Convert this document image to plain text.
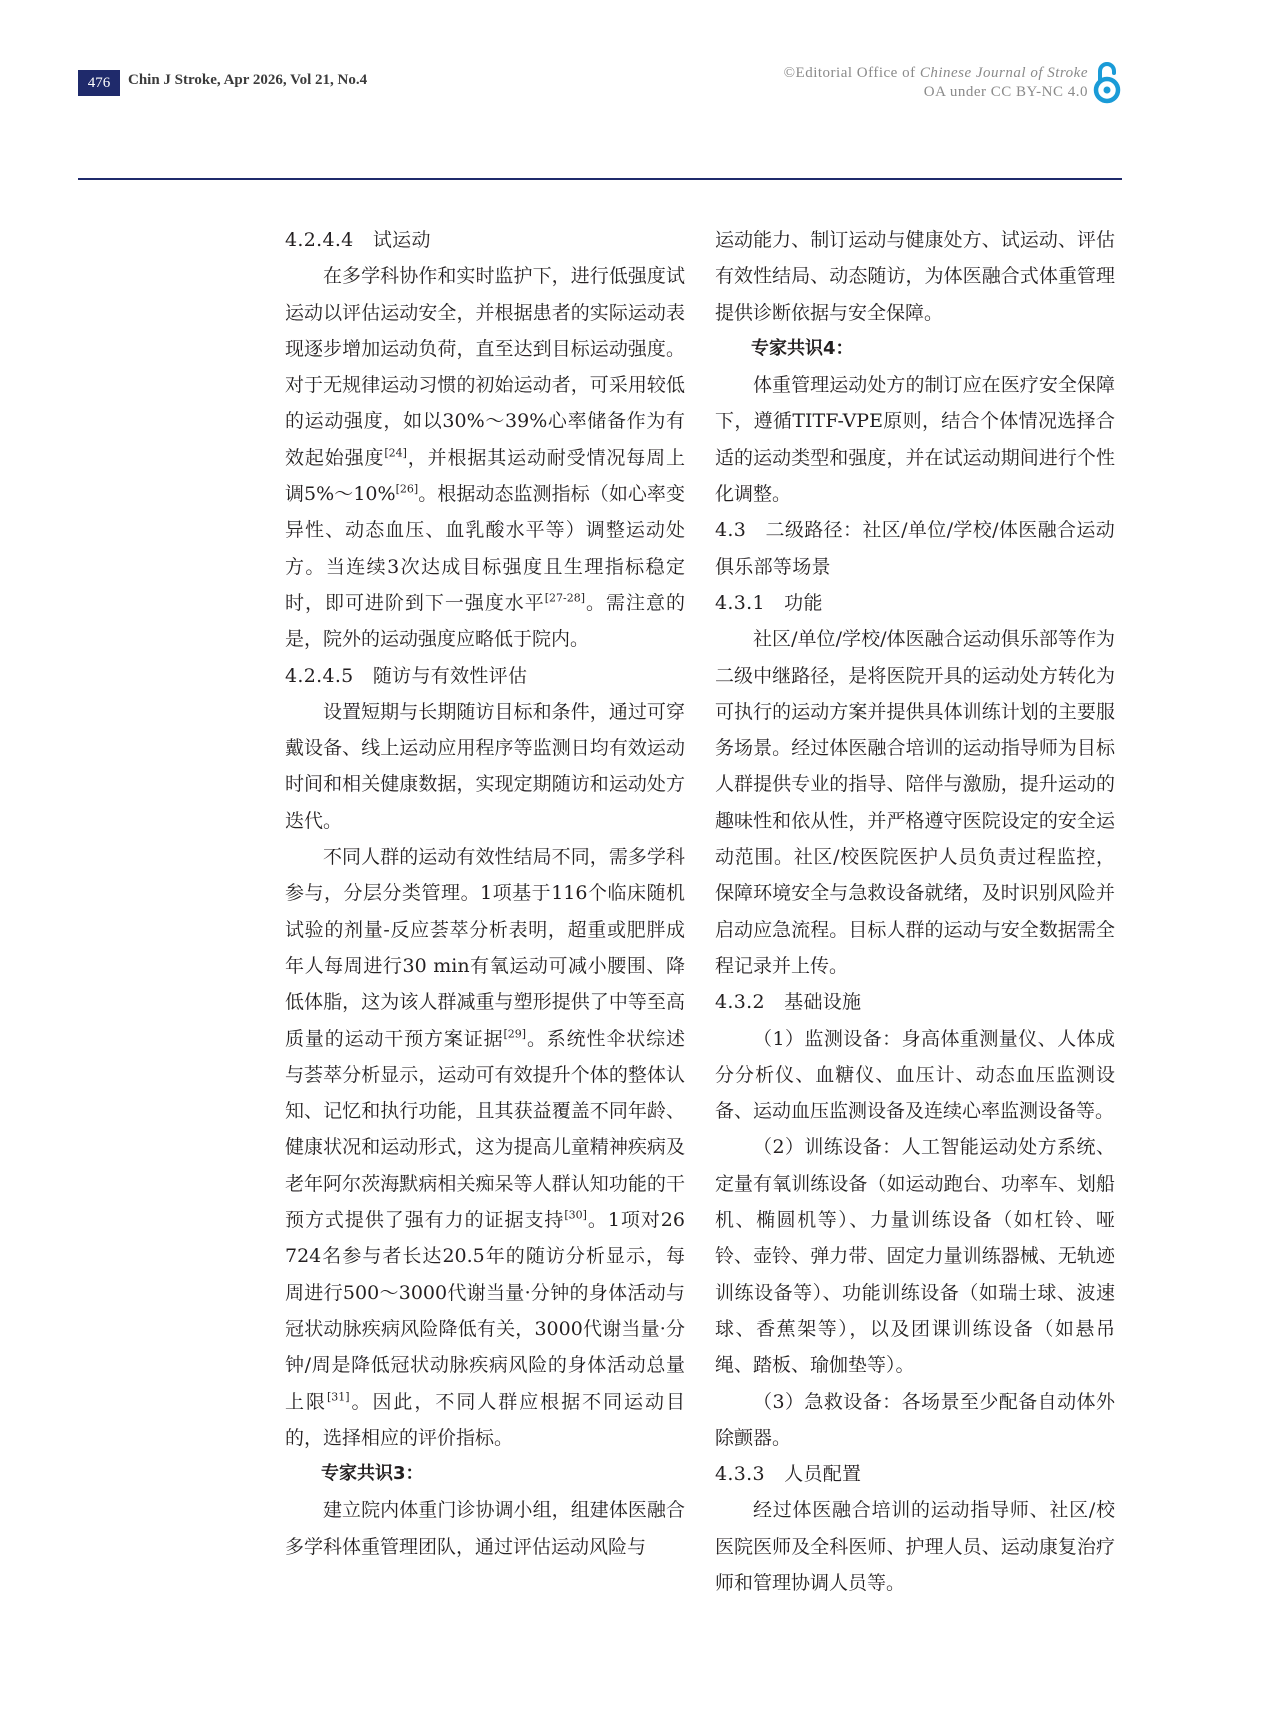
476	Chin J Stroke, Apr 2026, Vol 21, No.4	©Editorial Office of Chinese Journal of Stroke
OA under CC BY-NC 4.0

4.2.4.4　试运动

在多学科协作和实时监护下，进行低强度试运动以评估运动安全，并根据患者的实际运动表现逐步增加运动负荷，直至达到目标运动强度。对于无规律运动习惯的初始运动者，可采用较低的运动强度，如以30%～39%心率储备作为有效起始强度[24]，并根据其运动耐受情况每周上调5%～10%[26]。根据动态监测指标（如心率变异性、动态血压、血乳酸水平等）调整运动处方。当连续3次达成目标强度且生理指标稳定时，即可进阶到下一强度水平[27-28]。需注意的是，院外的运动强度应略低于院内。

4.2.4.5　随访与有效性评估

设置短期与长期随访目标和条件，通过可穿戴设备、线上运动应用程序等监测日均有效运动时间和相关健康数据，实现定期随访和运动处方迭代。

不同人群的运动有效性结局不同，需多学科参与，分层分类管理。1项基于116个临床随机试验的剂量-反应荟萃分析表明，超重或肥胖成年人每周进行30 min有氧运动可减小腰围、降低体脂，这为该人群减重与塑形提供了中等至高质量的运动干预方案证据[29]。系统性伞状综述与荟萃分析显示，运动可有效提升个体的整体认知、记忆和执行功能，且其获益覆盖不同年龄、健康状况和运动形式，这为提高儿童精神疾病及老年阿尔茨海默病相关痴呆等人群认知功能的干预方式提供了强有力的证据支持[30]。1项对26 724名参与者长达20.5年的随访分析显示，每周进行500～3000代谢当量·分钟的身体活动与冠状动脉疾病风险降低有关，3000代谢当量·分钟/周是降低冠状动脉疾病风险的身体活动总量上限[31]。因此，不同人群应根据不同运动目的，选择相应的评价指标。

专家共识3：

建立院内体重门诊协调小组，组建体医融合多学科体重管理团队，通过评估运动风险与

运动能力、制订运动与健康处方、试运动、评估有效性结局、动态随访，为体医融合式体重管理提供诊断依据与安全保障。

专家共识4：

体重管理运动处方的制订应在医疗安全保障下，遵循TITF-VPE原则，结合个体情况选择合适的运动类型和强度，并在试运动期间进行个性化调整。

4.3　二级路径：社区/单位/学校/体医融合运动俱乐部等场景

4.3.1　功能

社区/单位/学校/体医融合运动俱乐部等作为二级中继路径，是将医院开具的运动处方转化为可执行的运动方案并提供具体训练计划的主要服务场景。经过体医融合培训的运动指导师为目标人群提供专业的指导、陪伴与激励，提升运动的趣味性和依从性，并严格遵守医院设定的安全运动范围。社区/校医院医护人员负责过程监控，保障环境安全与急救设备就绪，及时识别风险并启动应急流程。目标人群的运动与安全数据需全程记录并上传。

4.3.2　基础设施

（1）监测设备：身高体重测量仪、人体成分分析仪、血糖仪、血压计、动态血压监测设备、运动血压监测设备及连续心率监测设备等。

（2）训练设备：人工智能运动处方系统、定量有氧训练设备（如运动跑台、功率车、划船机、椭圆机等）、力量训练设备（如杠铃、哑铃、壶铃、弹力带、固定力量训练器械、无轨迹训练设备等）、功能训练设备（如瑞士球、波速球、香蕉架等），以及团课训练设备（如悬吊绳、踏板、瑜伽垫等）。

（3）急救设备：各场景至少配备自动体外除颤器。

4.3.3　人员配置

经过体医融合培训的运动指导师、社区/校医院医师及全科医师、护理人员、运动康复治疗师和管理协调人员等。
